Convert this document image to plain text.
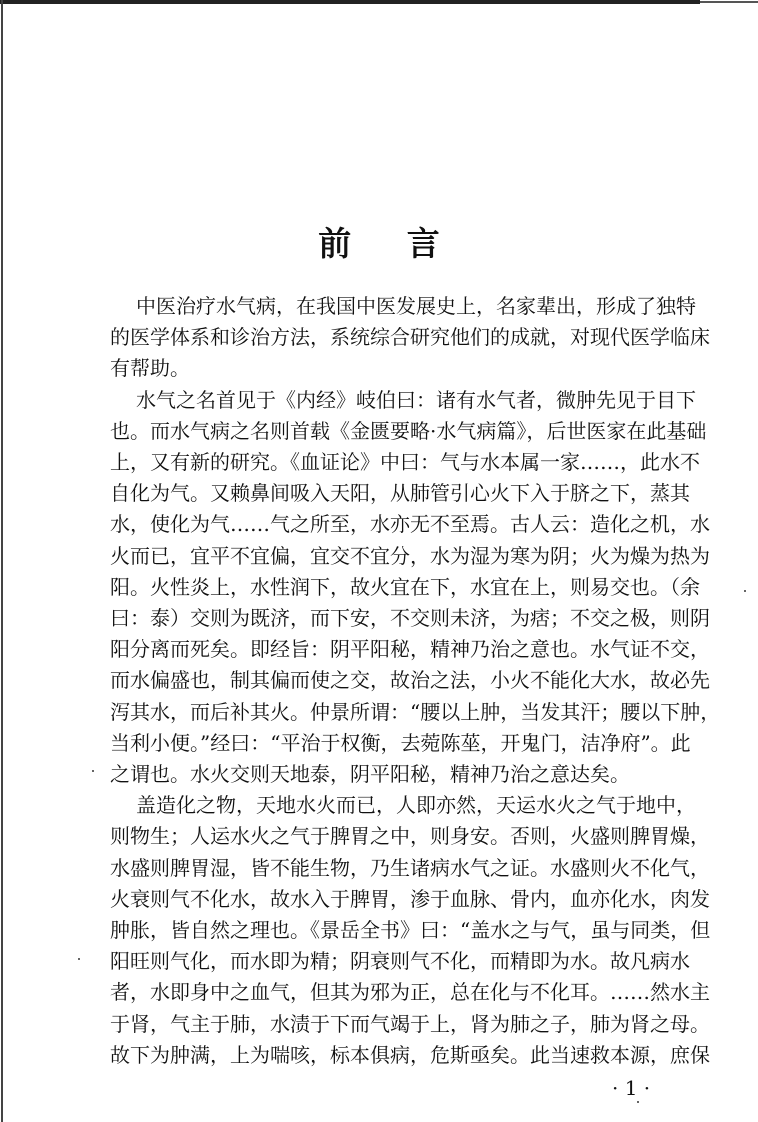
前 言
中医治疗水气病，在我国中医发展史上，名家辈出，形成了独特
的医学体系和诊治方法，系统综合研究他们的成就，对现代医学临床
有帮助。
水气之名首见于《内经》岐伯曰：诸有水气者，微肿先见于目下
也。而水气病之名则首载《金匮要略·水气病篇》，后世医家在此基础
上，又有新的研究。《血证论》中曰：气与水本属一家……，此水不
自化为气。又赖鼻间吸入天阳，从肺管引心火下入于脐之下，蒸其
水，使化为气……气之所至，水亦无不至焉。古人云：造化之机，水
火而已，宜平不宜偏，宜交不宜分，水为湿为寒为阴；火为燥为热为
阳。火性炎上，水性润下，故火宜在下，水宜在上，则易交也。（余
曰：泰）交则为既济，而下安，不交则未济，为痞；不交之极，则阴
阳分离而死矣。即经旨：阴平阳秘，精神乃治之意也。水气证不交，
而水偏盛也，制其偏而使之交，故治之法，小火不能化大水，故必先
泻其水，而后补其火。仲景所谓：“腰以上肿，当发其汗；腰以下肿，
当利小便。”经曰：“平治于权衡，去菀陈莝，开鬼门，洁净府”。此
之谓也。水火交则天地泰，阴平阳秘，精神乃治之意达矣。
盖造化之物，天地水火而已，人即亦然，天运水火之气于地中，
则物生；人运水火之气于脾胃之中，则身安。否则，火盛则脾胃燥，
水盛则脾胃湿，皆不能生物，乃生诸病水气之证。水盛则火不化气，
火衰则气不化水，故水入于脾胃，渗于血脉、骨内，血亦化水，肉发
肿胀，皆自然之理也。《景岳全书》曰：“盖水之与气，虽与同类，但
阳旺则气化，而水即为精；阴衰则气不化，而精即为水。故凡病水
者，水即身中之血气，但其为邪为正，总在化与不化耳。……然水主
于肾，气主于肺，水渍于下而气竭于上，肾为肺之子，肺为肾之母。
故下为肿满，上为喘咳，标本俱病，危斯亟矣。此当速救本源，庶保
· 1 ·
